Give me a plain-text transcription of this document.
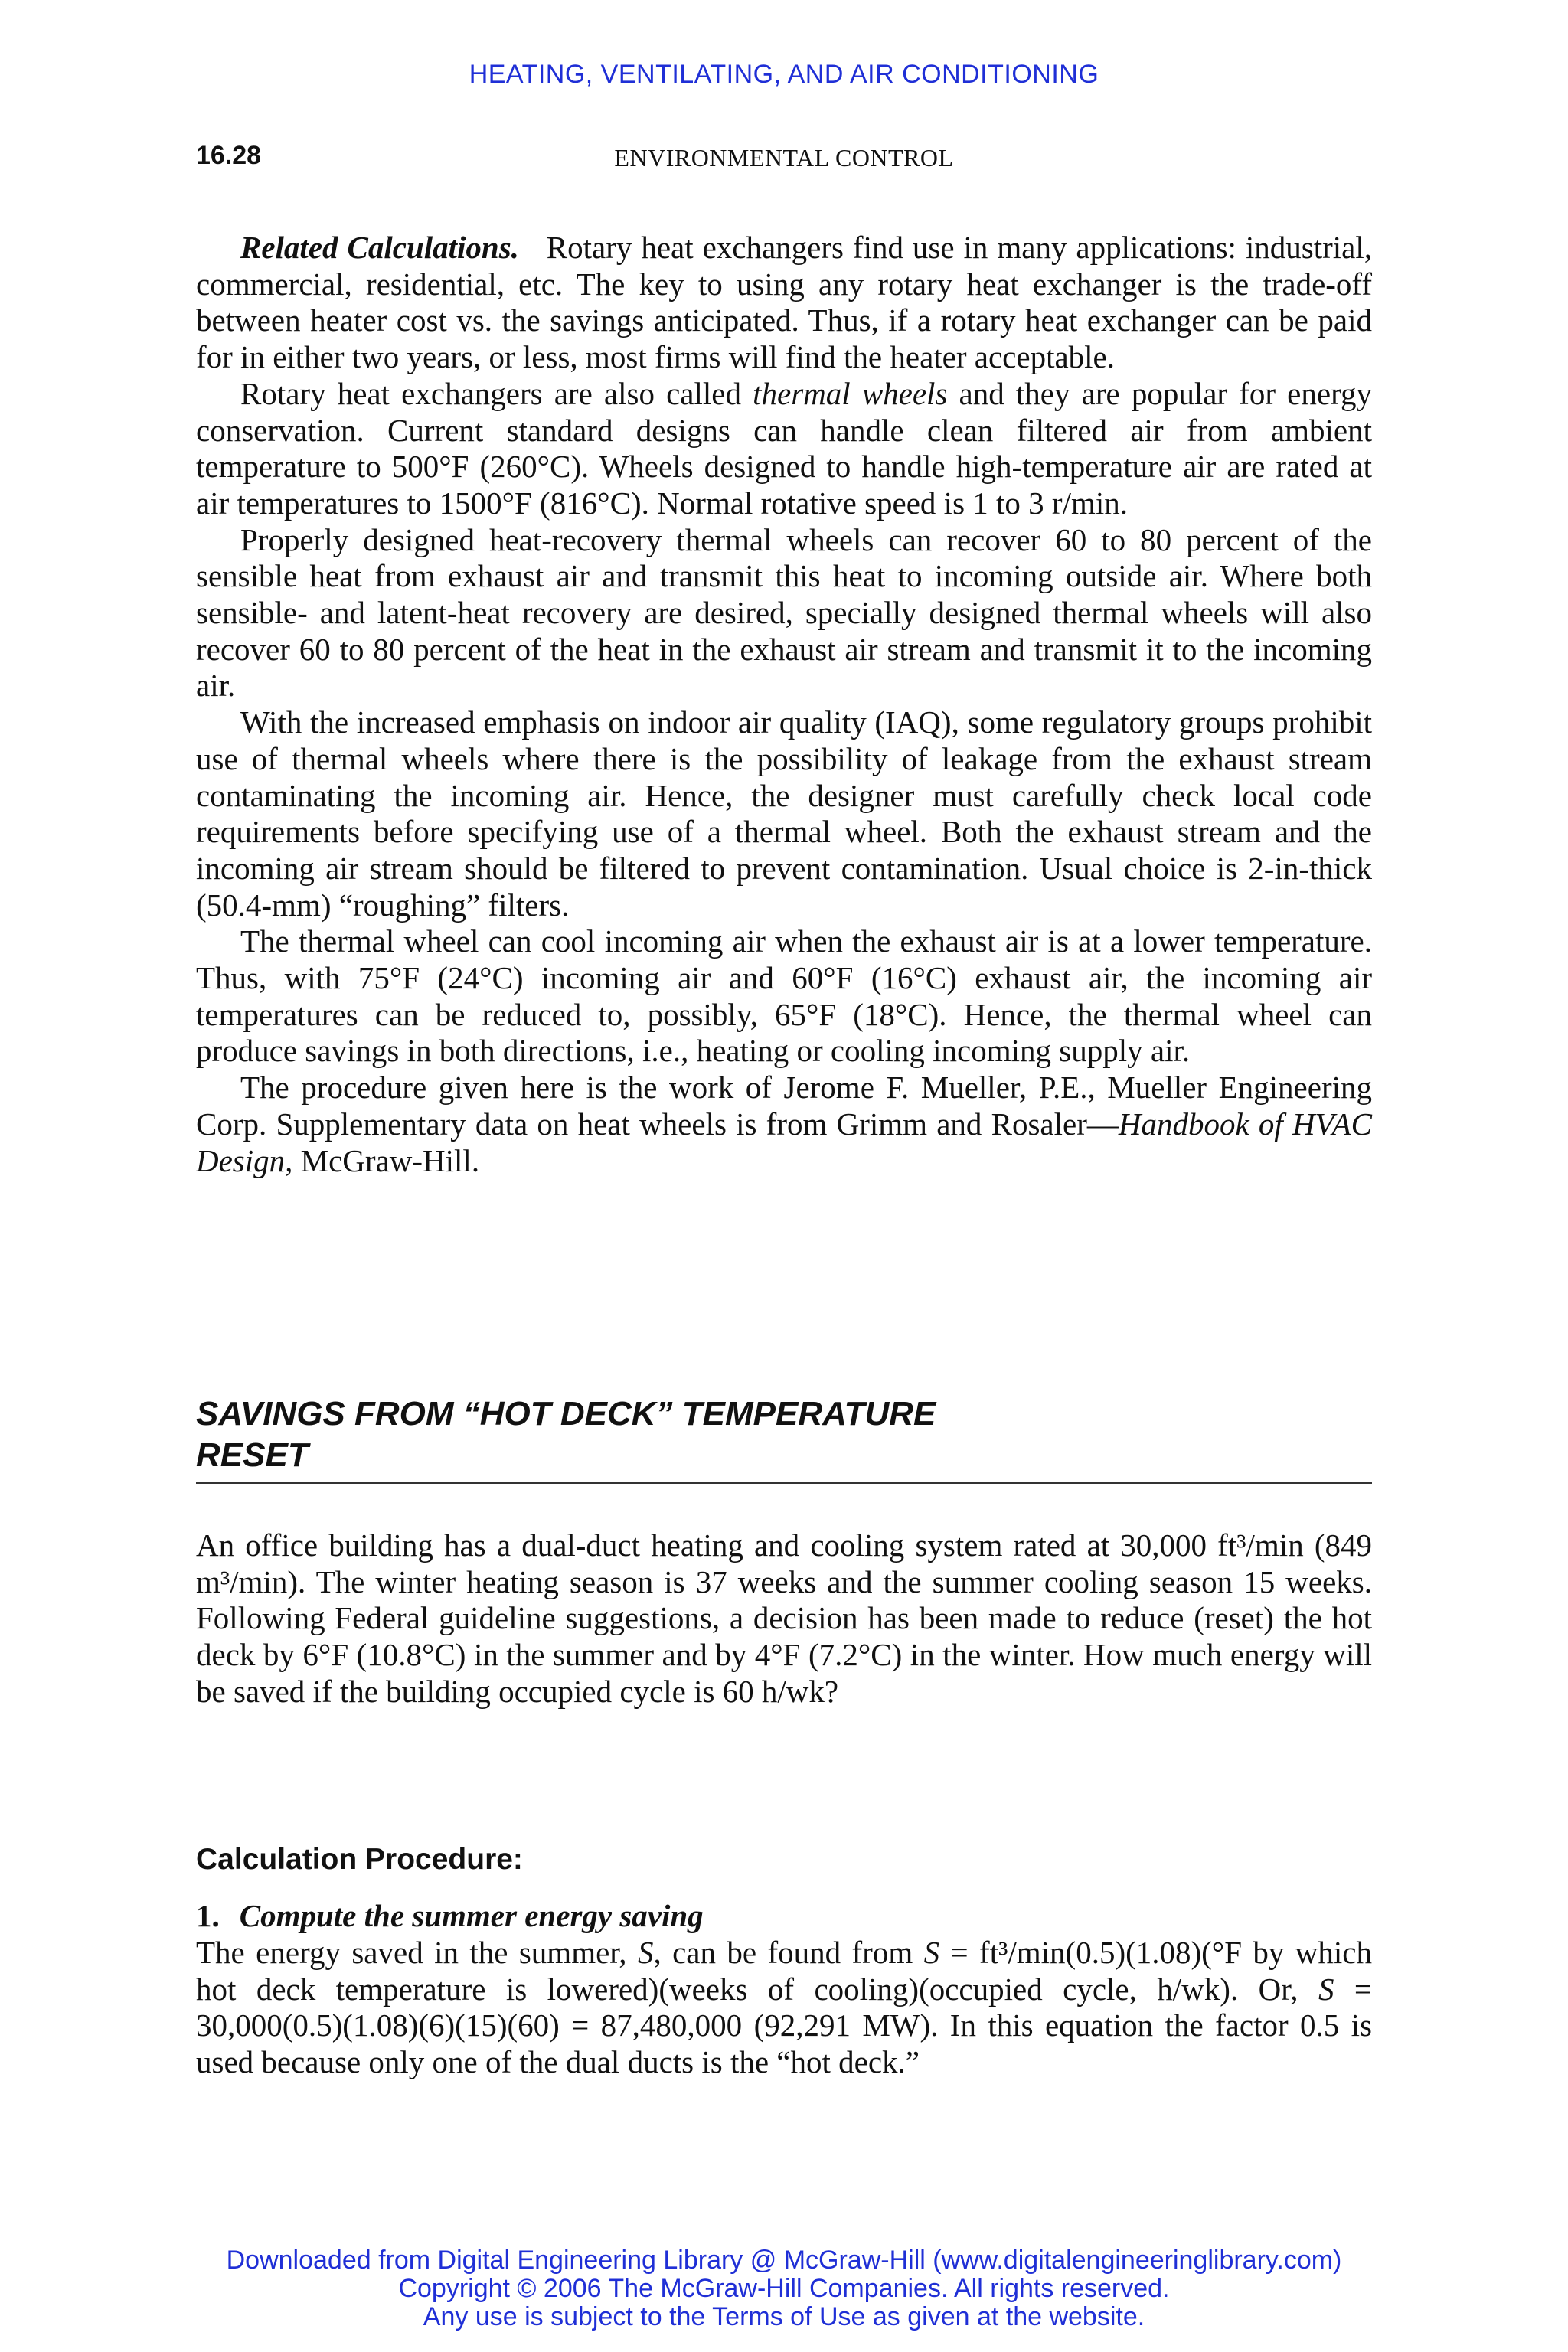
HEATING, VENTILATING, AND AIR CONDITIONING
16.28	ENVIRONMENTAL CONTROL

Related Calculations. Rotary heat exchangers find use in many applications: industrial, commercial, residential, etc. The key to using any rotary heat exchanger is the trade-off between heater cost vs. the savings anticipated. Thus, if a rotary heat exchanger can be paid for in either two years, or less, most firms will find the heater acceptable.

Rotary heat exchangers are also called thermal wheels and they are popular for energy conservation. Current standard designs can handle clean filtered air from ambient temperature to 500°F (260°C). Wheels designed to handle high-temperature air are rated at air temperatures to 1500°F (816°C). Normal rotative speed is 1 to 3 r/min.

Properly designed heat-recovery thermal wheels can recover 60 to 80 percent of the sensible heat from exhaust air and transmit this heat to incoming outside air. Where both sensible- and latent-heat recovery are desired, specially designed thermal wheels will also recover 60 to 80 percent of the heat in the exhaust air stream and transmit it to the incoming air.

With the increased emphasis on indoor air quality (IAQ), some regulatory groups prohibit use of thermal wheels where there is the possibility of leakage from the exhaust stream contaminating the incoming air. Hence, the designer must carefully check local code requirements before specifying use of a thermal wheel. Both the exhaust stream and the incoming air stream should be filtered to prevent contamination. Usual choice is 2-in-thick (50.4-mm) “roughing” filters.

The thermal wheel can cool incoming air when the exhaust air is at a lower temperature. Thus, with 75°F (24°C) incoming air and 60°F (16°C) exhaust air, the incoming air temperatures can be reduced to, possibly, 65°F (18°C). Hence, the thermal wheel can produce savings in both directions, i.e., heating or cooling incoming supply air.

The procedure given here is the work of Jerome F. Mueller, P.E., Mueller Engineering Corp. Supplementary data on heat wheels is from Grimm and Rosaler—Handbook of HVAC Design, McGraw-Hill.

SAVINGS FROM “HOT DECK” TEMPERATURE
RESET

An office building has a dual-duct heating and cooling system rated at 30,000 ft³/min (849 m³/min). The winter heating season is 37 weeks and the summer cooling season 15 weeks. Following Federal guideline suggestions, a decision has been made to reduce (reset) the hot deck by 6°F (10.8°C) in the summer and by 4°F (7.2°C) in the winter. How much energy will be saved if the building occupied cycle is 60 h/wk?

Calculation Procedure:
1. Compute the summer energy saving

The energy saved in the summer, S, can be found from S = ft³/min(0.5)(1.08)(°F by which hot deck temperature is lowered)(weeks of cooling)(occupied cycle, h/wk). Or, S = 30,000(0.5)(1.08)(6)(15)(60) = 87,480,000 (92,291 MW). In this equation the factor 0.5 is used because only one of the dual ducts is the “hot deck.”

Downloaded from Digital Engineering Library @ McGraw-Hill (www.digitalengineeringlibrary.com)
Copyright © 2006 The McGraw-Hill Companies. All rights reserved.
Any use is subject to the Terms of Use as given at the website.
